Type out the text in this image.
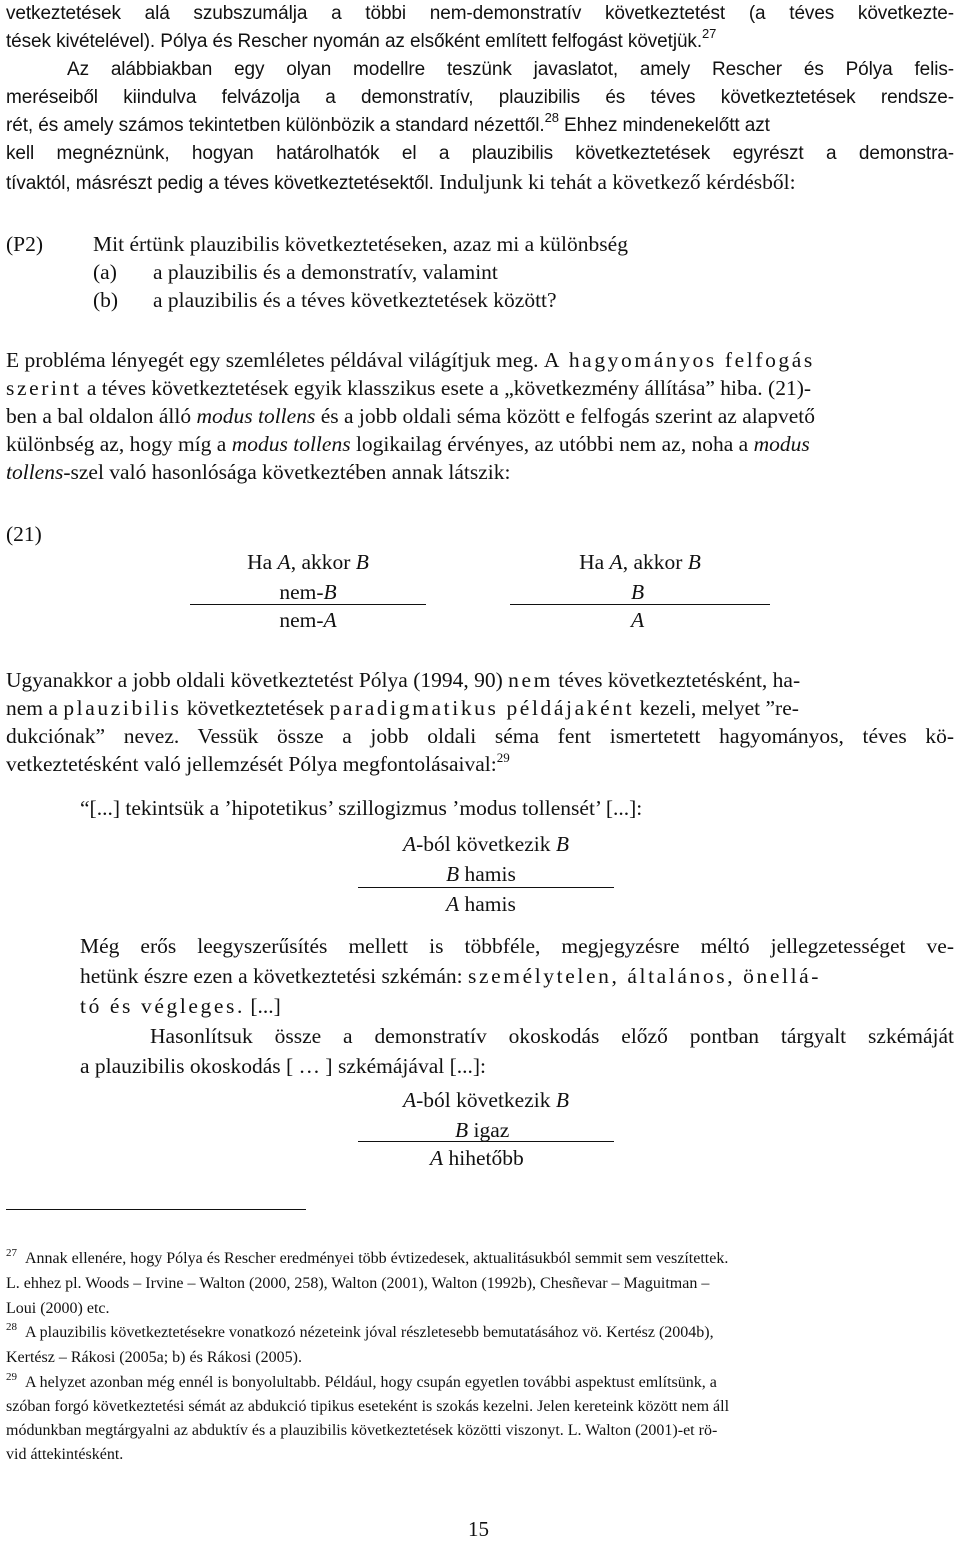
vetkeztetések alá szubszumálja a többi nem-demonstratív következtetést (a téves következte-
tések kivételével). Pólya és Rescher nyomán az elsőként említett felfogást követjük.$^{27}$
Az alábbiakban egy olyan modellre teszünk javaslatot, amely Rescher és Pólya felis-
meréseiből kiindulva felvázolja a demonstratív, plauzibilis és téves következtetések rendsze-
rét, és amely számos tekintetben különbözik a standard nézettől.$^{28}$ Ehhez mindenekelőtt azt
kell megnéznünk, hogyan határolhatók el a plauzibilis következtetések egyrészt a demonstra-
tívaktól, másrészt pedig a téves következtetésektől. Induljunk ki tehát a következő kérdésből:
(P2) Mit értünk plauzibilis következtetéseken, azaz mi a különbség
(a) a plauzibilis és a demonstratív, valamint
(b) a plauzibilis és a téves következtetések között?
E probléma lényegét egy szemléletes példával világítjuk meg. A hagyományos felfogás
szerint a téves következtetések egyik klasszikus esete a „következmény állítása” hiba. (21)-
ben a bal oldalon álló modus tollens és a jobb oldali séma között e felfogás szerint az alapvető
különbség az, hogy míg a modus tollens logikailag érvényes, az utóbbi nem az, noha a modus
tollens-szel való hasonlósága következtében annak látszik:
(21)
Ha A, akkor B
nem-B
nem-A
Ha A, akkor B
B
A
Ugyanakkor a jobb oldali következtetést Pólya (1994, 90) nem téves következtetésként, ha-
nem a plauzibilis következtetések paradigmatikus példájaként kezeli, melyet ”re-
dukciónak” nevez. Vessük össze a jobb oldali séma fent ismertetett hagyományos, téves kö-
vetkeztetésként való jellemzését Pólya megfontolásaival:$^{29}$
“[...] tekintsük a ’hipotetikus’ szillogizmus ’modus tollensét’ [...]:
A-ból következik B
B hamis
A hamis
Még erős leegyszerűsítés mellett is többféle, megjegyzésre méltó jellegzetességet ve-
hetünk észre ezen a következtetési szkémán: személytelen, általános, önellá-
tó és végleges. [...]
Hasonlítsuk össze a demonstratív okoskodás előző pontban tárgyalt szkémáját
a plauzibilis okoskodás [ … ] szkémájával [...]:
A-ból következik B
B igaz
A hihetőbb
$^{27}$ Annak ellenére, hogy Pólya és Rescher eredményei több évtizedesek, aktualitásukból semmit sem veszítettek.
L. ehhez pl. Woods – Irvine – Walton (2000, 258), Walton (2001), Walton (1992b), Chesñevar – Maguitman –
Loui (2000) etc.
$^{28}$ A plauzibilis következtetésekre vonatkozó nézeteink jóval részletesebb bemutatásához vö. Kertész (2004b),
Kertész – Rákosi (2005a; b) és Rákosi (2005).
$^{29}$ A helyzet azonban még ennél is bonyolultabb. Például, hogy csupán egyetlen további aspektust említsünk, a
szóban forgó következtetési sémát az abdukció tipikus eseteként is szokás kezelni. Jelen kereteink között nem áll
módunkban megtárgyalni az abduktív és a plauzibilis következtetések közötti viszonyt. L. Walton (2001)-et rö-
vid áttekintésként.
15
